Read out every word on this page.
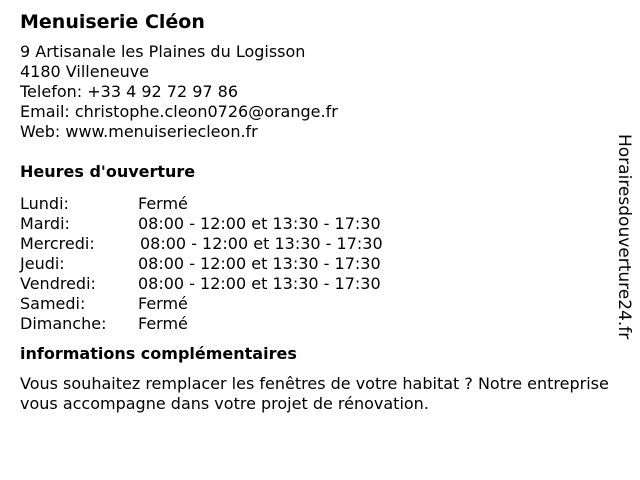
Menuiserie Cléon

9 Artisanale les Plaines du Logisson

4180 Villeneuve

Telefon: +33 4 92 72 97 86

Email: christophe.cleon0726@orange.fr

Web: www.menuiseriecleon.fr

Heures d'ouverture
Lundi:	Fermé
Mardi:	08:00 - 12:00 et 13:30 - 17:30
Mercredi:	08:00 - 12:00 et 13:30 - 17:30
Jeudi:	08:00 - 12:00 et 13:30 - 17:30
Vendredi:	08:00 - 12:00 et 13:30 - 17:30
Samedi:	Fermé
Dimanche:	Fermé
informations complémentaires

Vous souhaitez remplacer les fenêtres de votre habitat ? Notre entreprise vous accompagne dans votre projet de rénovation.

Horairesdouverture24.fr
